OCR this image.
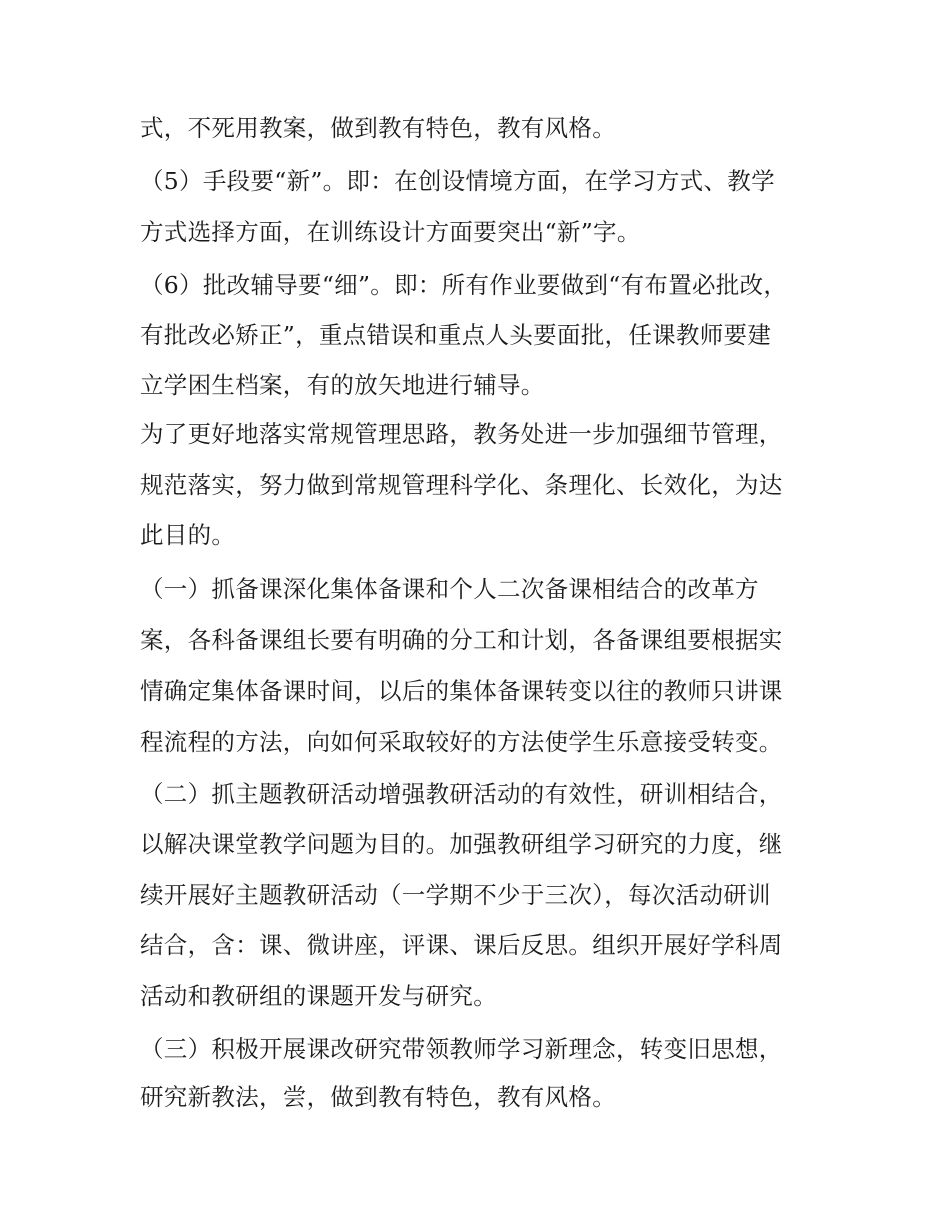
式，不死用教案，做到教有特色，教有风格。
（5）手段要“新”。即：在创设情境方面，在学习方式、教学
方式选择方面，在训练设计方面要突出“新”字。
（6）批改辅导要“细”。即：所有作业要做到“有布置必批改，
有批改必矫正”，重点错误和重点人头要面批，任课教师要建
立学困生档案，有的放矢地进行辅导。
为了更好地落实常规管理思路，教务处进一步加强细节管理，
规范落实，努力做到常规管理科学化、条理化、长效化，为达
此目的。
（一）抓备课深化集体备课和个人二次备课相结合的改革方
案，各科备课组长要有明确的分工和计划，各备课组要根据实
情确定集体备课时间，以后的集体备课转变以往的教师只讲课
程流程的方法，向如何采取较好的方法使学生乐意接受转变。
（二）抓主题教研活动增强教研活动的有效性，研训相结合，
以解决课堂教学问题为目的。加强教研组学习研究的力度，继
续开展好主题教研活动（一学期不少于三次），每次活动研训
结合，含：课、微讲座，评课、课后反思。组织开展好学科周
活动和教研组的课题开发与研究。
（三）积极开展课改研究带领教师学习新理念，转变旧思想，
研究新教法，尝，做到教有特色，教有风格。
